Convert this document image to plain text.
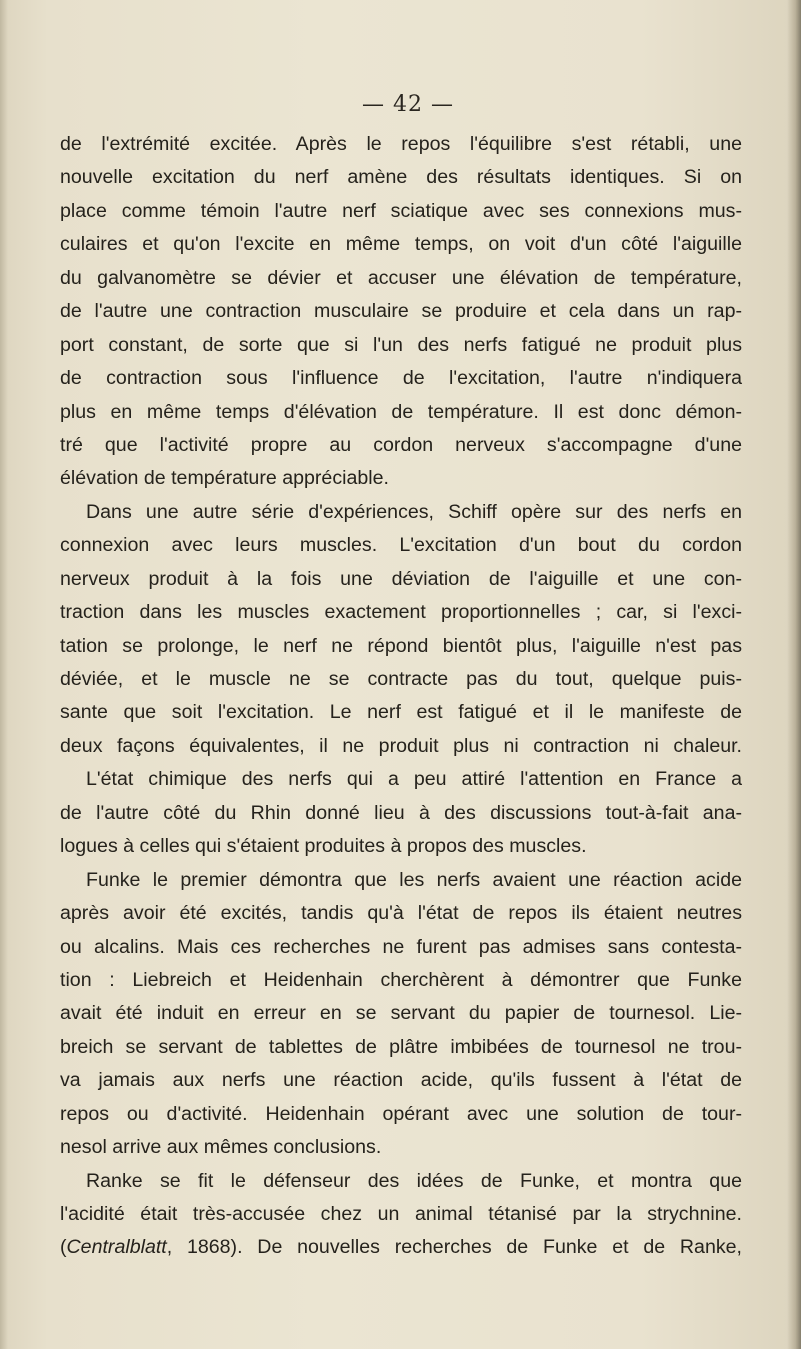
— 42 —
de l'extrémité excitée. Après le repos l'équilibre s'est rétabli, une
nouvelle excitation du nerf amène des résultats identiques. Si on
place comme témoin l'autre nerf sciatique avec ses connexions mus-
culaires et qu'on l'excite en même temps, on voit d'un côté l'aiguille
du galvanomètre se dévier et accuser une élévation de température,
de l'autre une contraction musculaire se produire et cela dans un rap-
port constant, de sorte que si l'un des nerfs fatigué ne produit plus
de contraction sous l'influence de l'excitation, l'autre n'indiquera
plus en même temps d'élévation de température. Il est donc démon-
tré que l'activité propre au cordon nerveux s'accompagne d'une
élévation de température appréciable.
Dans une autre série d'expériences, Schiff opère sur des nerfs en
connexion avec leurs muscles. L'excitation d'un bout du cordon
nerveux produit à la fois une déviation de l'aiguille et une con-
traction dans les muscles exactement proportionnelles ; car, si l'exci-
tation se prolonge, le nerf ne répond bientôt plus, l'aiguille n'est pas
déviée, et le muscle ne se contracte pas du tout, quelque puis-
sante que soit l'excitation. Le nerf est fatigué et il le manifeste de
deux façons équivalentes, il ne produit plus ni contraction ni chaleur.
L'état chimique des nerfs qui a peu attiré l'attention en France a
de l'autre côté du Rhin donné lieu à des discussions tout-à-fait ana-
logues à celles qui s'étaient produites à propos des muscles.
Funke le premier démontra que les nerfs avaient une réaction acide
après avoir été excités, tandis qu'à l'état de repos ils étaient neutres
ou alcalins. Mais ces recherches ne furent pas admises sans contesta-
tion : Liebreich et Heidenhain cherchèrent à démontrer que Funke
avait été induit en erreur en se servant du papier de tournesol. Lie-
breich se servant de tablettes de plâtre imbibées de tournesol ne trou-
va jamais aux nerfs une réaction acide, qu'ils fussent à l'état de
repos ou d'activité. Heidenhain opérant avec une solution de tour-
nesol arrive aux mêmes conclusions.
Ranke se fit le défenseur des idées de Funke, et montra que
l'acidité était très-accusée chez un animal tétanisé par la strychnine.
(Centralblatt, 1868). De nouvelles recherches de Funke et de Ranke,
